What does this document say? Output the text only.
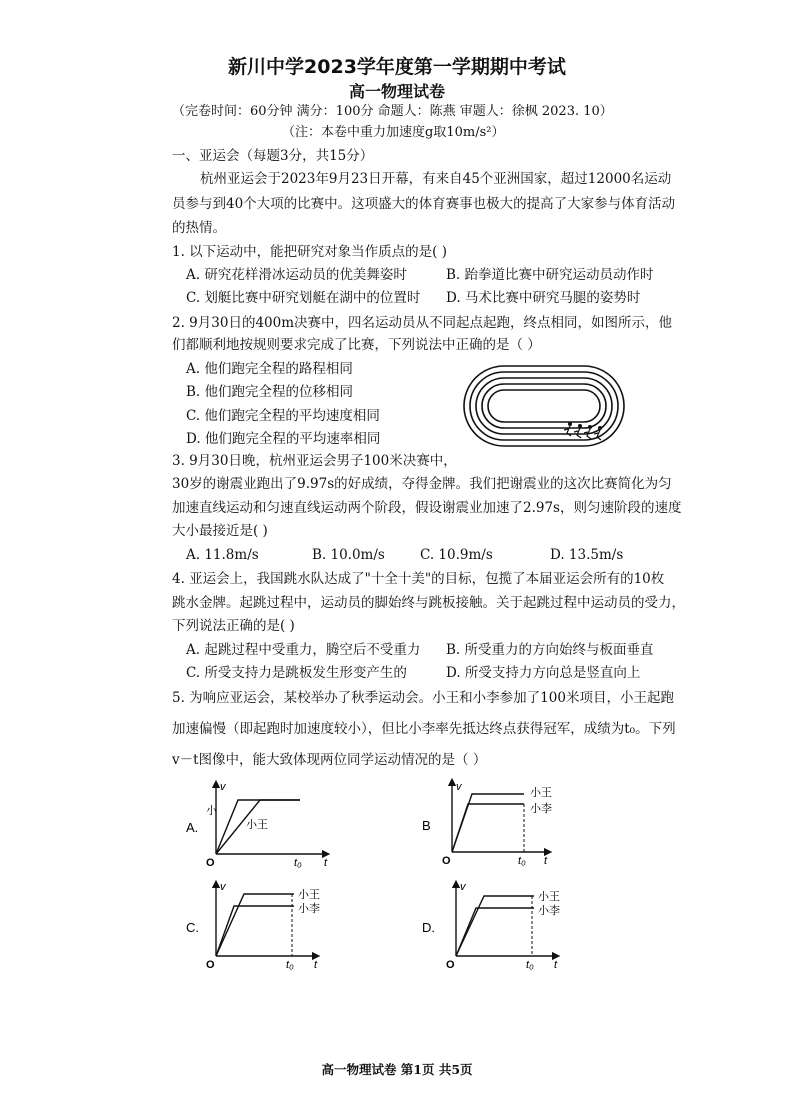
新川中学2023学年度第一学期期中考试
高一物理试卷
（完卷时间：60分钟 满分：100分 命题人：陈燕 审题人：徐枫 2023. 10）
（注：本卷中重力加速度g取10m/s²）
一、亚运会（每题3分，共15分）
杭州亚运会于2023年9月23日开幕，有来自45个亚洲国家，超过12000名运动
员参与到40个大项的比赛中。这项盛大的体育赛事也极大的提高了大家参与体育活动
的热情。
1. 以下运动中，能把研究对象当作质点的是( )
A. 研究花样滑冰运动员的优美舞姿时	B. 跆拳道比赛中研究运动员动作时
C. 划艇比赛中研究划艇在湖中的位置时 D. 马术比赛中研究马腿的姿势时
2. 9月30日的400m决赛中，四名运动员从不同起点起跑，终点相同，如图所示，他
们都顺利地按规则要求完成了比赛，下列说法中正确的是（ ）
A. 他们跑完全程的路程相同
B. 他们跑完全程的位移相同
C. 他们跑完全程的平均速度相同
D. 他们跑完全程的平均速率相同
3. 9月30日晚，杭州亚运会男子100米决赛中，
30岁的谢震业跑出了9.97s的好成绩，夺得金牌。我们把谢震业的这次比赛简化为匀
加速直线运动和匀速直线运动两个阶段，假设谢震业加速了2.97s，则匀速阶段的速度
大小最接近是( )
A. 11.8m/s	B. 10.0m/s	C. 10.9m/s	D. 13.5m/s
4. 亚运会上，我国跳水队达成了"十全十美"的目标，包揽了本届亚运会所有的10枚
跳水金牌。起跳过程中，运动员的脚始终与跳板接触。关于起跳过程中运动员的受力，
下列说法正确的是( )
A. 起跳过程中受重力，腾空后不受重力 B. 所受重力的方向始终与板面垂直
C. 所受支持力是跳板发生形变产生的	D. 所受支持力方向总是竖直向上
5. 为响应亚运会，某校举办了秋季运动会。小王和小李参加了100米项目，小王起跑
加速偏慢（即起跑时加速度较小），但比小李率先抵达终点获得冠军，成绩为t₀。下列
v－t图像中，能大致体现两位同学运动情况的是（ ）
A.
v
t
O
小
小王
t₀
B
v
t
O
小王
小李
t₀
C.
v
t
O
小王
小李
t₀
D.
v
t
O
小王
小李
t₀
高一物理试卷 第1页 共5页
